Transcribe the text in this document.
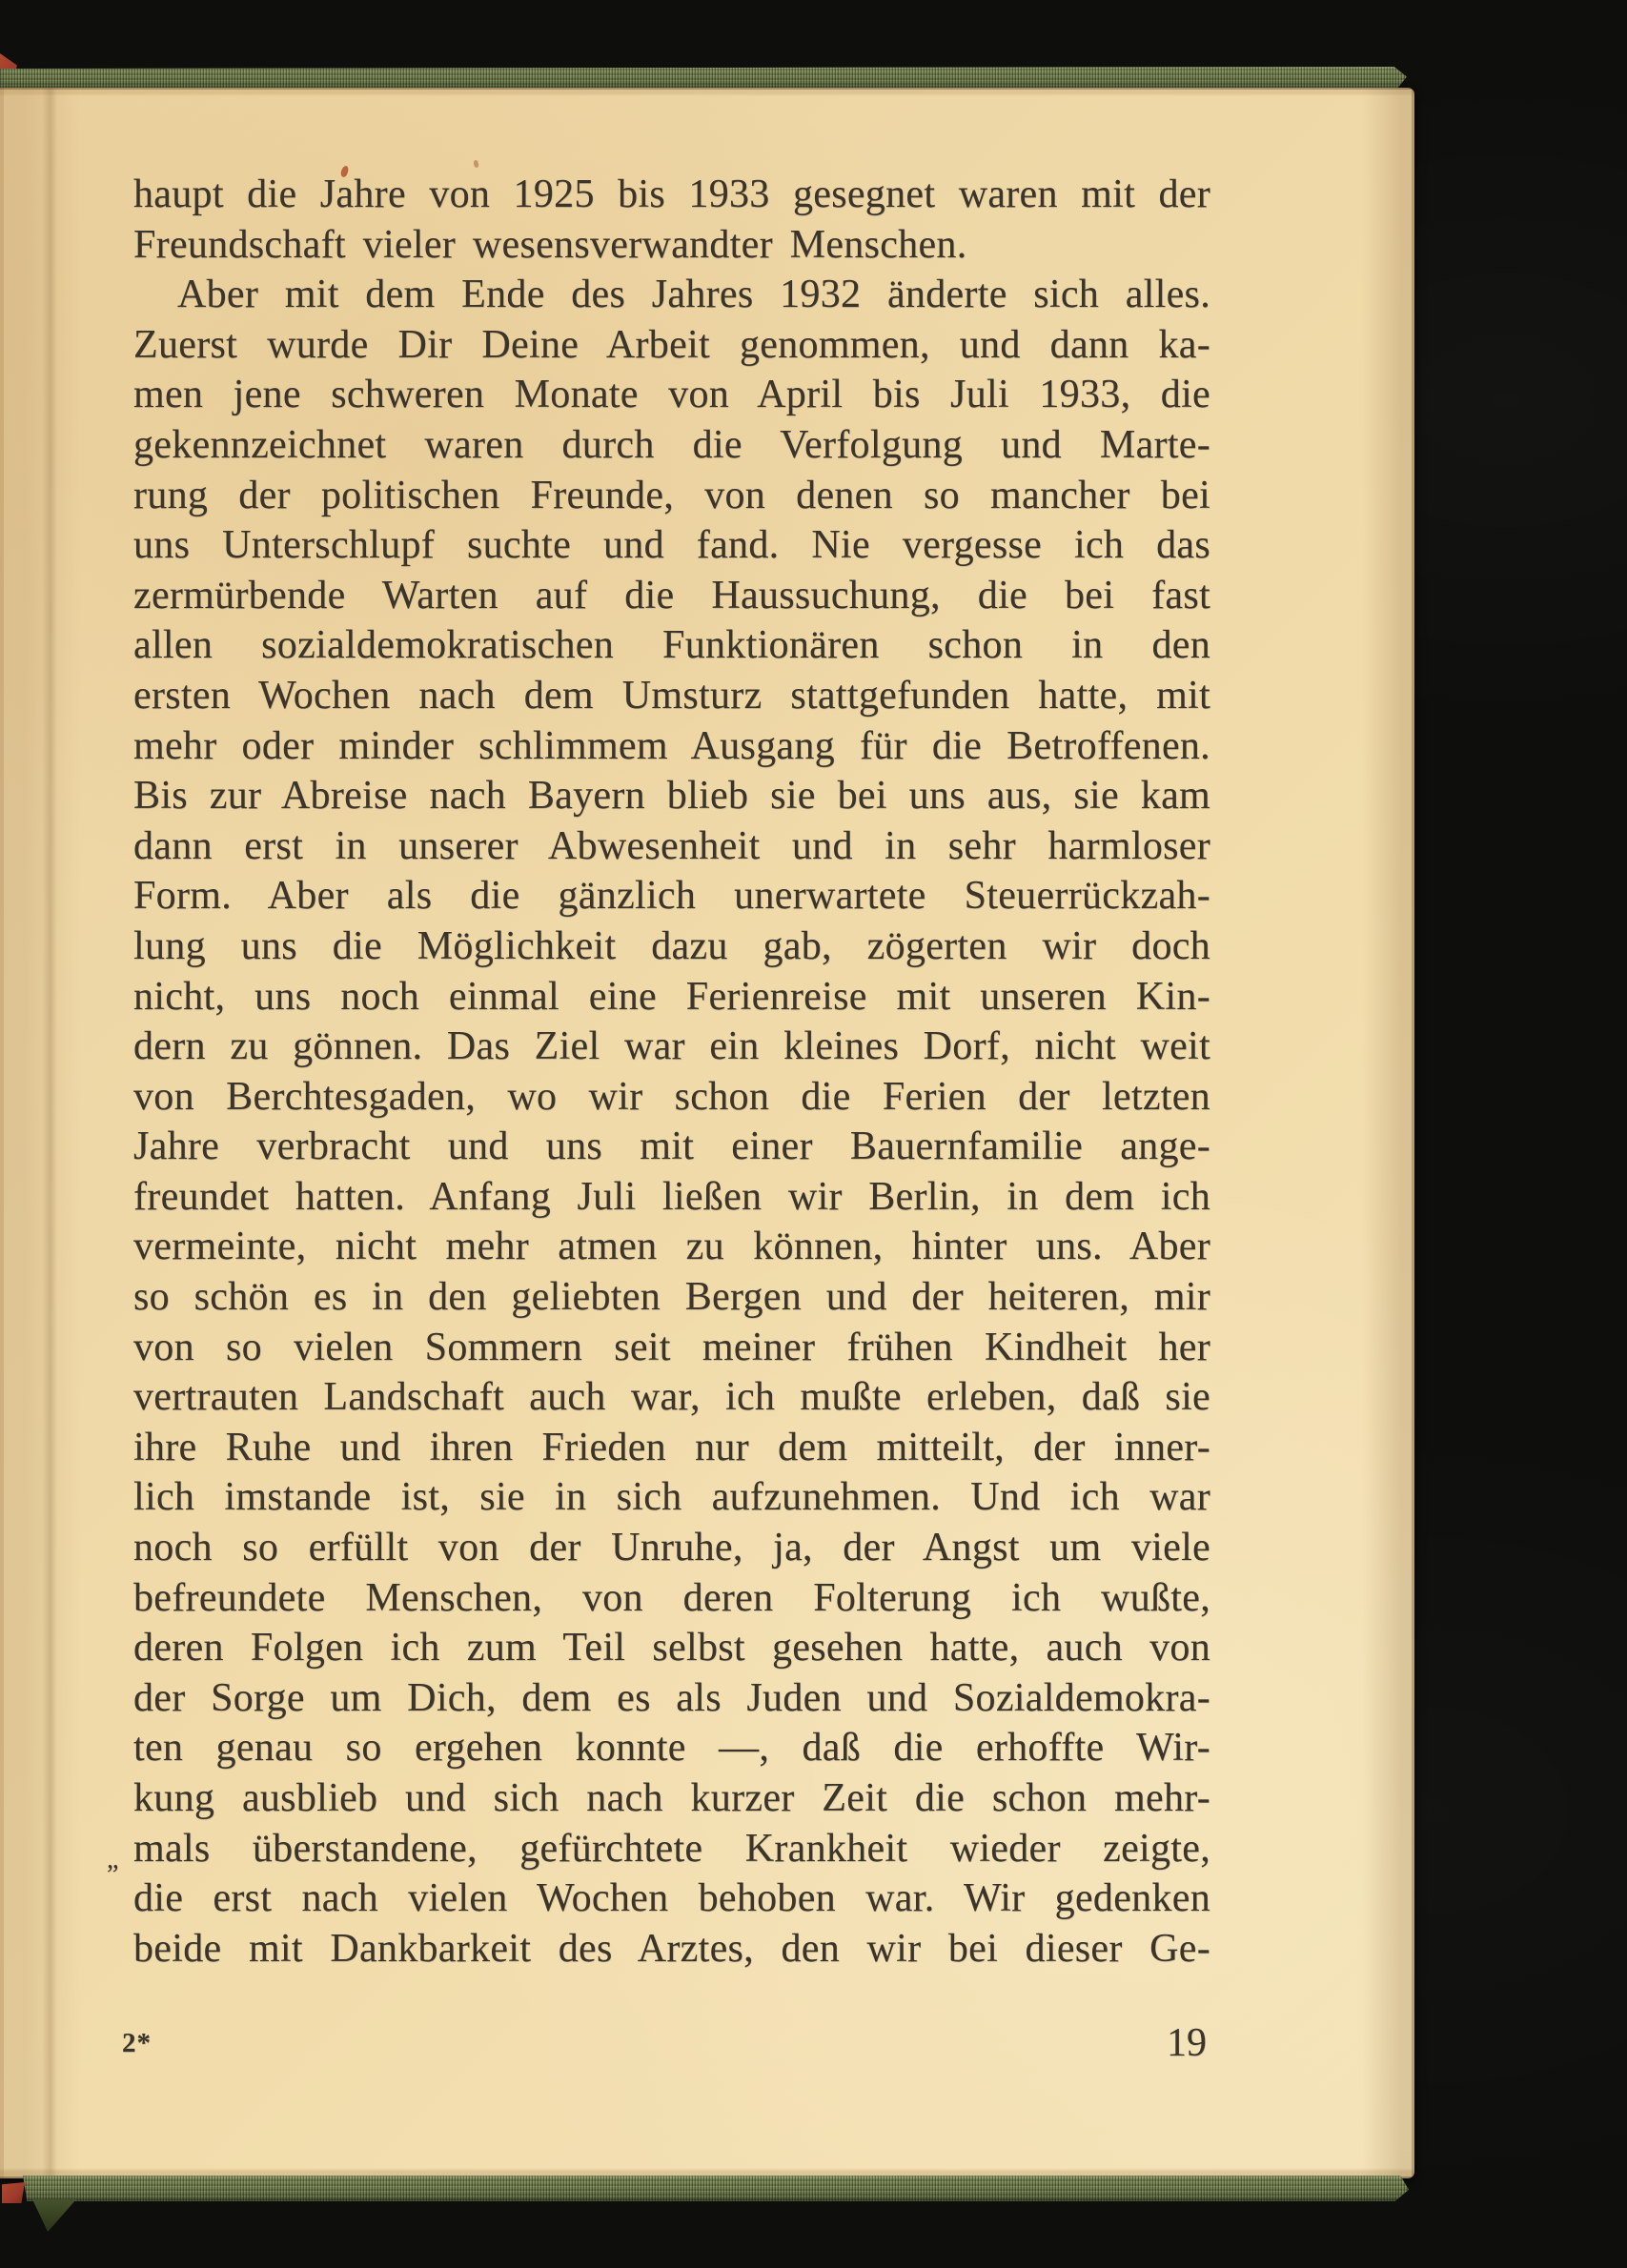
haupt die Jahre von 1925 bis 1933 gesegnet waren mit der
Freundschaft vieler wesensverwandter Menschen.
Aber mit dem Ende des Jahres 1932 änderte sich alles.
Zuerst wurde Dir Deine Arbeit genommen, und dann ka-
men jene schweren Monate von April bis Juli 1933, die
gekennzeichnet waren durch die Verfolgung und Marte-
rung der politischen Freunde, von denen so mancher bei
uns Unterschlupf suchte und fand. Nie vergesse ich das
zermürbende Warten auf die Haussuchung, die bei fast
allen sozialdemokratischen Funktionären schon in den
ersten Wochen nach dem Umsturz stattgefunden hatte, mit
mehr oder minder schlimmem Ausgang für die Betroffenen.
Bis zur Abreise nach Bayern blieb sie bei uns aus, sie kam
dann erst in unserer Abwesenheit und in sehr harmloser
Form. Aber als die gänzlich unerwartete Steuerrückzah-
lung uns die Möglichkeit dazu gab, zögerten wir doch
nicht, uns noch einmal eine Ferienreise mit unseren Kin-
dern zu gönnen. Das Ziel war ein kleines Dorf, nicht weit
von Berchtesgaden, wo wir schon die Ferien der letzten
Jahre verbracht und uns mit einer Bauernfamilie ange-
freundet hatten. Anfang Juli ließen wir Berlin, in dem ich
vermeinte, nicht mehr atmen zu können, hinter uns. Aber
so schön es in den geliebten Bergen und der heiteren, mir
von so vielen Sommern seit meiner frühen Kindheit her
vertrauten Landschaft auch war, ich mußte erleben, daß sie
ihre Ruhe und ihren Frieden nur dem mitteilt, der inner-
lich imstande ist, sie in sich aufzunehmen. Und ich war
noch so erfüllt von der Unruhe, ja, der Angst um viele
befreundete Menschen, von deren Folterung ich wußte,
deren Folgen ich zum Teil selbst gesehen hatte, auch von
der Sorge um Dich, dem es als Juden und Sozialdemokra-
ten genau so ergehen konnte —, daß die erhoffte Wir-
kung ausblieb und sich nach kurzer Zeit die schon mehr-
mals überstandene, gefürchtete Krankheit wieder zeigte,
die erst nach vielen Wochen behoben war. Wir gedenken
beide mit Dankbarkeit des Arztes, den wir bei dieser Ge-
„
2*	19
